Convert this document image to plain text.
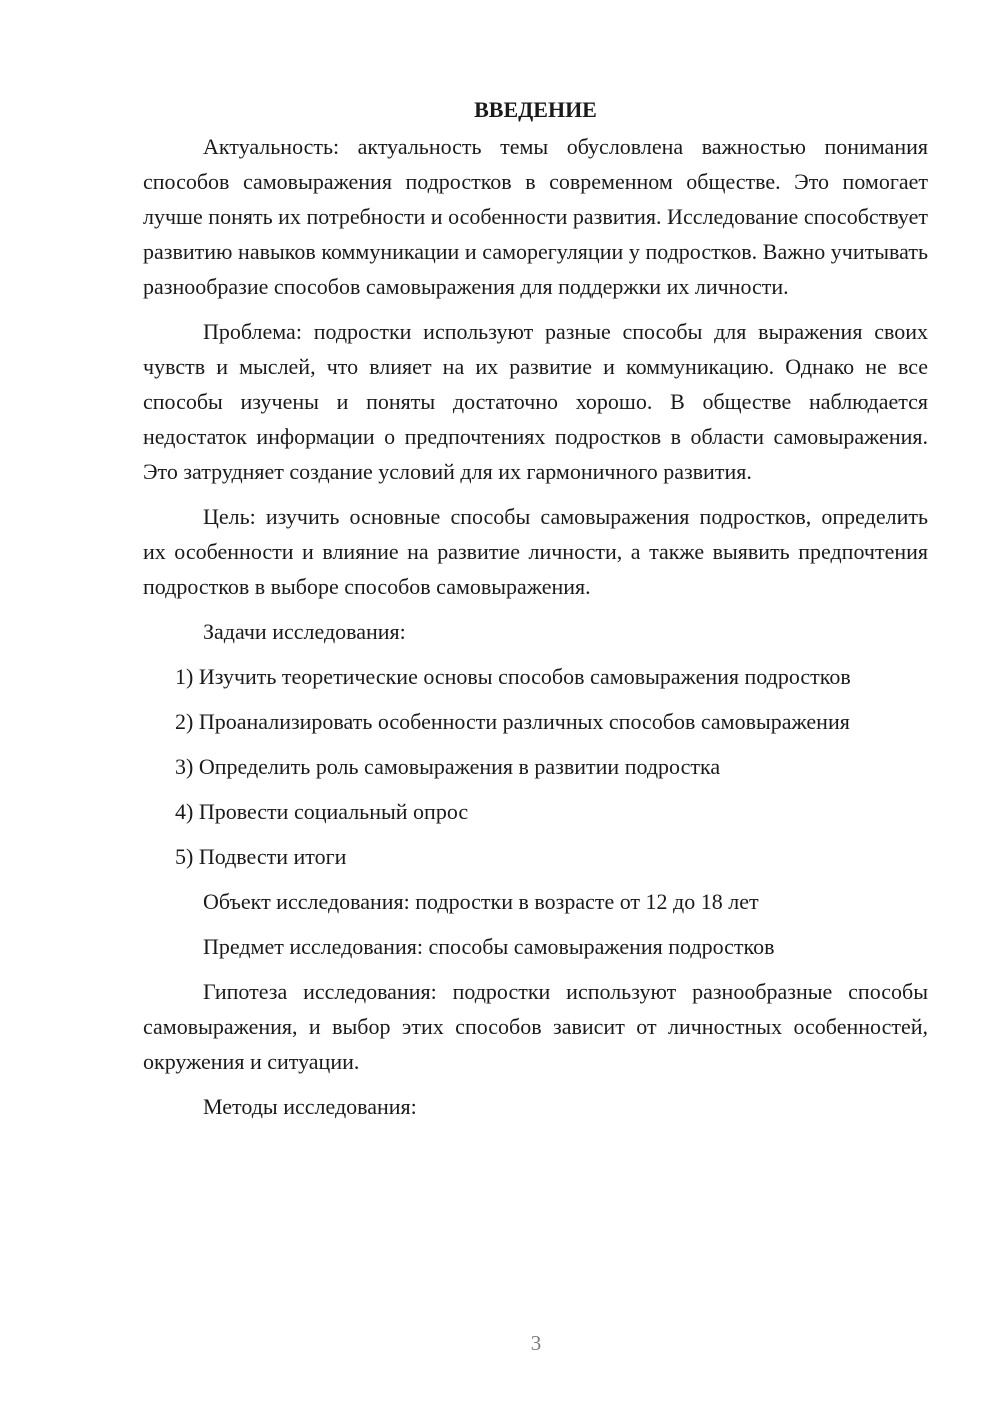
ВВЕДЕНИЕ

Актуальность: актуальность темы обусловлена важностью понимания способов самовыражения подростков в современном обществе. Это помогает лучше понять их потребности и особенности развития. Исследование способствует развитию навыков коммуникации и саморегуляции у подростков. Важно учитывать разнообразие способов самовыражения для поддержки их личности.

Проблема: подростки используют разные способы для выражения своих чувств и мыслей, что влияет на их развитие и коммуникацию. Однако не все способы изучены и поняты достаточно хорошо. В обществе наблюдается недостаток информации о предпочтениях подростков в области самовыражения. Это затрудняет создание условий для их гармоничного развития.

Цель: изучить основные способы самовыражения подростков, определить их особенности и влияние на развитие личности, а также выявить предпочтения подростков в выборе способов самовыражения.

Задачи исследования:

1) Изучить теоретические основы способов самовыражения подростков

2) Проанализировать особенности различных способов самовыражения

3) Определить роль самовыражения в развитии подростка

4) Провести социальный опрос

5) Подвести итоги

Объект исследования: подростки в возрасте от 12 до 18 лет

Предмет исследования: способы самовыражения подростков

Гипотеза исследования: подростки используют разнообразные способы самовыражения, и выбор этих способов зависит от личностных особенностей, окружения и ситуации.

Методы исследования:

3
